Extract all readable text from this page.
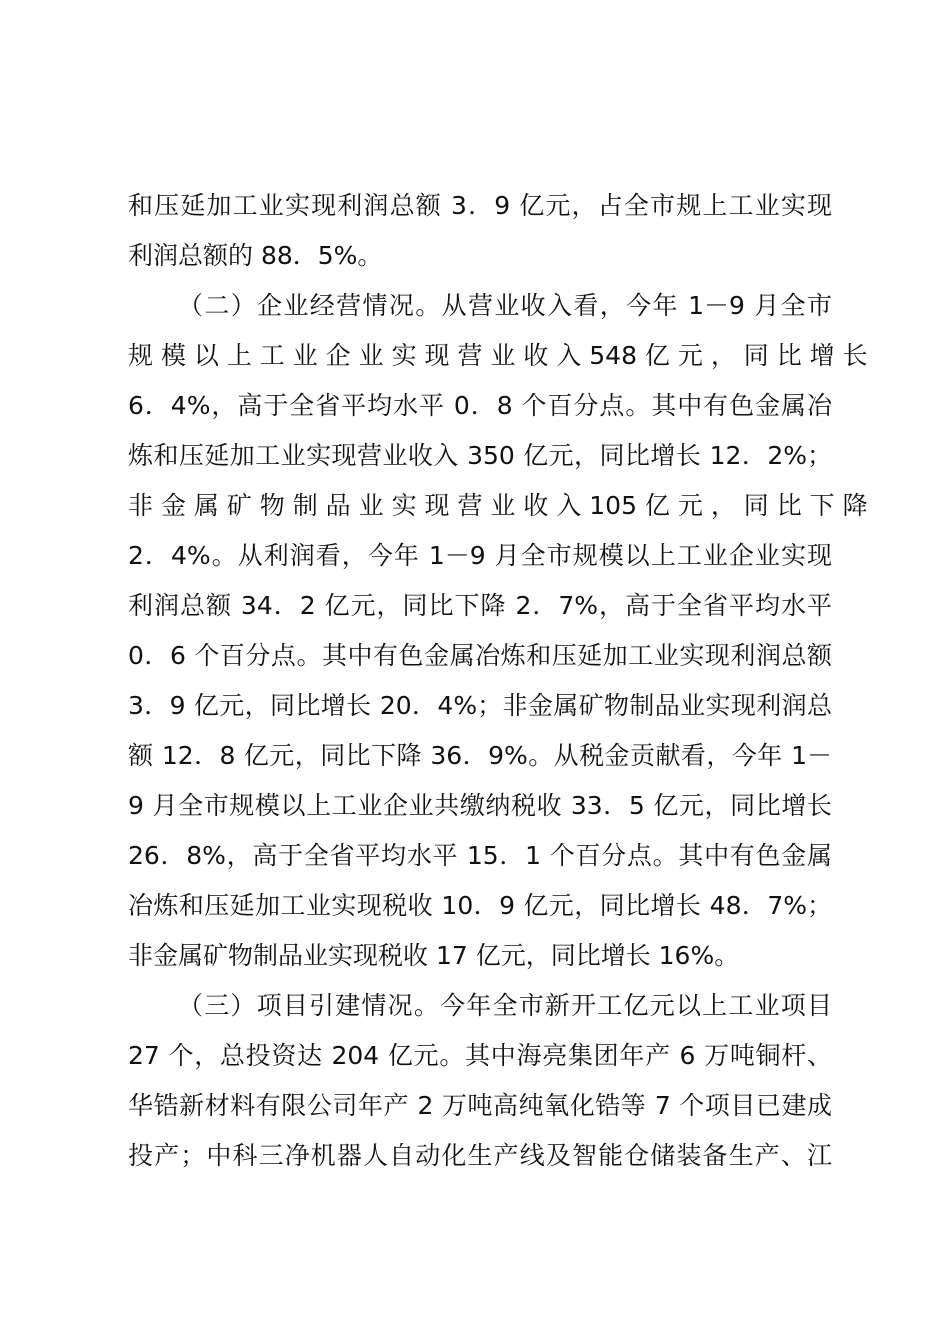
和压延加工业实现利润总额 3．9 亿元，占全市规上工业实现
利润总额的 88．5%。
（二）企业经营情况。从营业收入看，今年 1－9 月全市
规 模 以 上 工 业 企 业 实 现 营 业 收 入 548 亿 元 ， 同 比 增 长
6．4%，高于全省平均水平 0．8 个百分点。其中有色金属冶
炼和压延加工业实现营业收入 350 亿元，同比增长 12．2%；
非 金 属 矿 物 制 品 业 实 现 营 业 收 入 105 亿 元 ， 同 比 下 降
2．4%。从利润看，今年 1－9 月全市规模以上工业企业实现
利润总额 34．2 亿元，同比下降 2．7%，高于全省平均水平
0．6 个百分点。其中有色金属冶炼和压延加工业实现利润总额
3．9 亿元，同比增长 20．4%；非金属矿物制品业实现利润总
额 12．8 亿元，同比下降 36．9%。从税金贡献看，今年 1－
9 月全市规模以上工业企业共缴纳税收 33．5 亿元，同比增长
26．8%，高于全省平均水平 15．1 个百分点。其中有色金属
冶炼和压延加工业实现税收 10．9 亿元，同比增长 48．7%；
非金属矿物制品业实现税收 17 亿元，同比增长 16%。
（三）项目引建情况。今年全市新开工亿元以上工业项目
27 个，总投资达 204 亿元。其中海亮集团年产 6 万吨铜杆、
华锆新材料有限公司年产 2 万吨高纯氧化锆等 7 个项目已建成
投产；中科三净机器人自动化生产线及智能仓储装备生产、江
